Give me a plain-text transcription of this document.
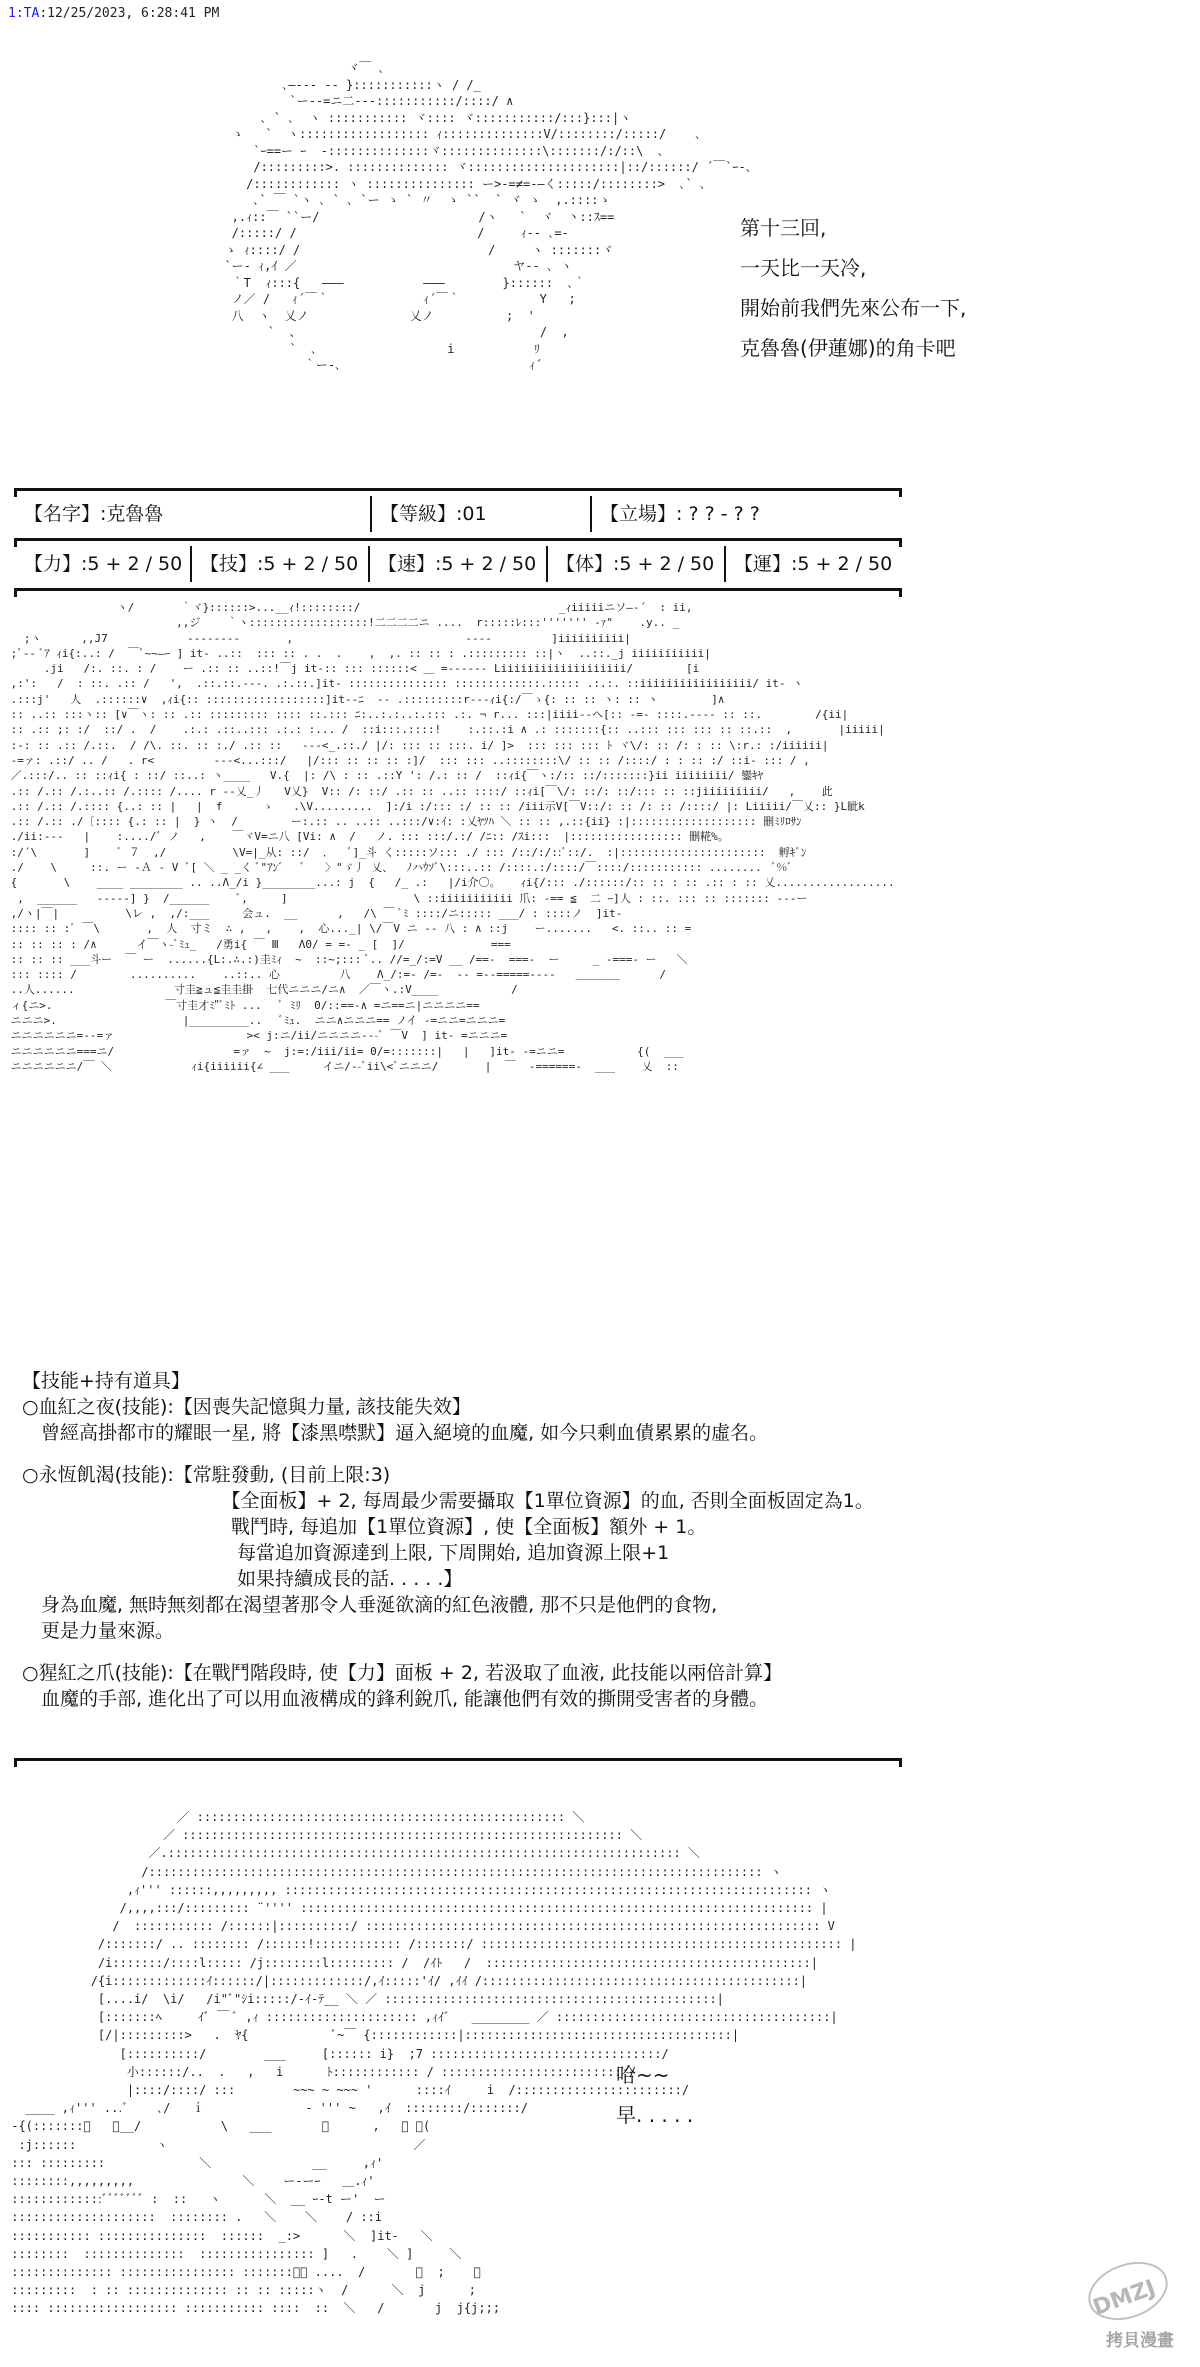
1:TA:12/25/2023, 6:28:41 PM
ヾ￣ ､
､―‐-- -‐ }:::::::::::ヽ / /_
`ー--=ニ二--‐:::::::::::/::::/ ∧
､ ` ､  ヽ ::::::::::: ヾ:::: ヾ:::::::::::/:::}:::|ヽ
ゝ   `  ヽ:::::::::::::::::: ｨ::::::::::::::V/::::::::/:::::/    ､
`ｰ==ー ｰ  -::::::::::::::ヾ::::::::::::::\:::::::/:/::\  ､
/:::::::::>. :::::::::::::: ヾ:::::::::::::::::::::|::/::::::/ ´￣`ｰ-､
/:::::::::::: ヽ ::::::::::::::: ー>-=≠=-―く:::::/::::::::>  ､` ､
､` ￣ `ヽ ､ ` ､ `ー ゝ ` 〃  ゝ ``  ` ヾ ゝ  ,.::::ゝ
,.ｨ::￣ ``ー/                      /ヽ   `  ヾ  丶::ｽ==
/:::::/ /                         /     ｨ-- ､=-
ゝ ｨ::::/ /                          /     ヽ :::::::ヾ
`ー- ｨ,ｲ ／                              ヤ-- ､ ヽ
｀T  ｨ:::{   ―――           ―――        }::::::  ､｀
ノ／ /   ｨ´￣｀             ｨ´￣｀           Y   ;
八  ヽ  乂ノ              乂ノ          ;  '
`  、                                 /  ,
`  ､                  i           ﾘ
｀ー-､                          ｨ´

第十三回,
一天比一天冷,
開始前我們先來公布一下,
克魯魯(伊蓮娜)的角卡吧
【名字】:克魯魯	【等級】:01	【立場】: ? ? - ? ?
【力】:5 + 2 / 50 【技】:5 + 2 / 50	【速】:5 + 2 / 50	【体】:5 + 2 / 50	【運】:5 + 2 / 50
ヽ/       ｀ヾ}::::::>...__ｨ!::::::::/                              _ｨiiiiiニソ―‐´  : ii,
,,ジ    ｀ヽ::::::::::::::::::!二二二二ニ ....  r:::::ﾚ:::''''''' ‐ｧ"    .y.. _
;ヽ      ,,J7            --------       ,                          ----         ]iiiiiiiiii|
;ﾞ‐- ﾞｱ ｨi{:..: /  ￣ﾞ~~―ｰ ] it- ..::  ::: :: . .  .    ,  ,. :: :: : .::::::::: ::|ヽ  ..::._j iiiiiiiiiii|
.ji   /:. ::. : /    ー .:: :: ..::!￣j it-:: ::: ::::::< ＿ =------ Liiiiiiiiiiiiiiiiiii/        [i
,:':   /  : ::. .:: /   ',  .::.::.---. .:.::.]it- ::::::::::::::: :::::::::::::.::::: .:.:. ::iiiiiiiiiiiiiiiii/ it- ヽ
.:::j'   人  .::::::∨  ,ｨi{:: ::::::::::::::::::]it--ﾆ  -- .:::::::::r---ｨi{:/￣ゝ{: :: :: ヽ: :: ヽ        ]∧
:: ..:: :::ヽ:: [∨￣ヽ: :: .:: ::::::::: :::: ::.::: ﾆ:..:.:..:.::: .:. ¬ r... :::|iiii--ヘ[:: -=- ::::.---- :: ::.        /{ii|
:: .:: ;: :/  ::/ .  /    .:.: .::..::: .:.: :... /  ::i:::.::::!    :.::.:i ∧ .: :::::::{:: ..::: ::: ::: :: ::.::  ,       |iiiii|
:-: :: .:: /.::.  / /\. ::. :: :./ .:: ::   ---<_.::./ |/: ::: :: :::. i/ ]>  ::: ::: ::: ﾄ ヾ\/: :: /: : :: \:r.: :/iiiiii|
‐=ァ: .::/ .. /   . r<         ---<...:::/   |/::: :: :: :: :]/  ::: ::: ..::::::::\/ :: :: /::::/ : : :: :/ ::i- ::: / ,
／.:::/.. :: ::ｨi{ : ::/ ::..: ヽ____   V.{  |: /\ : :: .::Y ': /.: :: /  ::ｨi{￣ヽ:/:: ::/:::::::}ii iiiiiiii/ 鑾ｷﾔ
.:: /.:: /.:..:: /.:::: /.... r ‐-乂_丿   V乂}  V:: /: ::/ .:: :: ..:: ::::/ ::ｨi[￣\/: ::/: ::/::: :: ::jiiiiiiiii/   ,    此
.:: /.:: /.:::: {..: :: |   |  f      ゝ   .\V.........  ]:/i :/::: :/ :: :: /iii示V[￣V::/: :: /: :: /::::/ |: Liiiii/￣乂:: }L眦k
.:: /.:: ./〔:::: {.: :: |  } ヽ  /        ー:.:: .. ..:: ..:::/∨:ｲ: :乂ﾔﾂﾊ ＼ :: :: ,.::{ii} :|::::::::::::::::::: 刪ﾐﾘﾛｻﾝ
./ii:---   |    :..../ﾞ ノ   ,    ￣ヾV=ニ八 [Vi: ∧  /   ノ. ::: :::/.:/ /ﾆ:: /ｽi:::  |::::::::::::::::: 刪糀%。
:/´\       ]    ﾞ ７  ,/          \V=|_从: ::/  ．  ﾞ]_斗 く:::::ソ::: ./ ::: /::/:/::ﾞ::/.  :|::::::::::::::::::::::  孵ｷﾞﾝ
./    \     ::. ー -Ａ - V ﾞ[ ＼ _ _く ﾞ"ｱﾝﾞ   ﾞ   〉"ゞ丿 乂、  ﾉハｳｿﾞ\:::..:: /::::.:/::::/￣::::/::::::::::: ........  ﾞ%ﾞ
{       \    ____ ________ .. ..Λ_/i }________...: j  {   /_ .:   |/i介〇。   ｨi{/::: ./::::::/:: :: : :: .:: : :: 乂..................
,  ______   -----] }  /______    ﾞ,     ]                   \ ::iiiiiiiiiii 爪: -== ≦  二 ｰ]人 : ::. ::: :: ::::::: ---ー
,/ヽ|￣|          \レ ,  ,/:___     会ュ.  __      ,   /\ ￣ ﾞﾐ ::::/ニ::::: ___/ : ::::ノ  ]it-
:::: :: :ﾞ ￣\       ,  人  寸ミ  ∴ ,   ,    ,  心..._| \/￣V ニ -- 八 : ∧ ::j    ー.......   <. ::.. :: =
:: :: :: : /∧      イ￣ヽ-ﾞﾐｭ_   /勇i{ ￣ Ⅲ   Λ0/ = =- _ [  ]/             ===
:: :: :: ___斗ー  ￣ ー  ......{L:.∴.:)圭ﾐｨ  ~  ::~;::: ﾞ.. //=_/:=V __ /==-  ===-  ー     _ -===- ー   ＼
::: :::: /        ..........    ..::.. 心         八    Λ_/:=- /=-  -- =--=====----   ＿＿＿＿      /
..人......               寸圭≧ュ≦圭圭掛  七代ニニニ/ニ∧  ／￣ヽ.:V____           /
ィ{ニ>.                 ￣寸圭才ﾐ"ﾞﾐﾄ ...   ﾞ ﾐﾘ  0/::==-∧ =ニ==ニ|ニニニニ==
ニニニ>.                   |_________..   ﾞﾐｭ.  ニニ∧ニニニ== ノイ -=ニニ=ニニニ=
ニニニニニニ=--=ァ                    >< j:ニ/ii/ニニニニ---ﾞ ￣V  ] it- =ニニニ=
ニニニニニニ===ニ/                  =ァ  ~  j:=:/iii/ii= 0/=:::::::|   |   ]it- -=ニニ=           {(  ___
ニニニニニニ/￣ ＼            ｨi{iiiiii{∠ ___     イニ/--ﾞii\<ﾞニニニ/       |  ￣  -======-  ___    乂  ::

【技能+持有道具】
○血紅之夜(技能):【因喪失記憶與力量, 該技能失效】
　曾經高掛都市的耀眼一星, 將【漆黑噤默】逼入絕境的血魔, 如今只剩血債累累的虛名。
○永恆飢渴(技能):【常駐發動, (目前上限:3)
　　　　　　　　　　　【全面板】+ 2, 每周最少需要攝取【1單位資源】的血, 否則全面板固定為1。
　　　　　　　　　　　戰鬥時, 每追加【1單位資源】, 使【全面板】額外 + 1。
　　　　　　　　　　　 每當追加資源達到上限, 下周開始, 追加資源上限+1
　　　　　　　　　　　 如果持續成長的話. . . . .】
　身為血魔, 無時無刻都在渴望著那令人垂涎欲滴的紅色液體, 那不只是他們的食物,
　更是力量來源。
○猩紅之爪(技能):【在戰鬥階段時, 使【力】面板 + 2, 若汲取了血液, 此技能以兩倍計算】
　血魔的手部, 進化出了可以用血液構成的鋒利銳爪, 能讓他們有效的撕開受害者的身體。
／ ::::::::::::::::::::::::::::::::::::::::::::::::::: ＼
／ ::::::::::::::::::::::::::::::::::::::::::::::::::::::::::::: ＼
／.::::::::::::::::::::::::::::::::::::::::::::::::::::::::::::::::::::::: ＼
/::::::::::::::::::::::::::::::::::::::::::::::::::::::::::::::::::::::::::::::::::::: ヽ
,ｨ''' ::::::,,,,,,,,, ::::::::::::::::::::::::::::::::::::::::::::::::::::::::::::::::::::::::: ヽ
/,,,,:::/::::::::: ¨'''' ::::::::::::::::::::::::::::::::::::::::::::::::::::::::::::::::::::::: |
/  ::::::::::: /::::::|::::::::::/ ::::::::::::::::::::::::::::::::::::::::::::::::::::::::::::::: V
/:::::::/ .. :::::::: /::::::!:::::::::::: /:::::::/ :::::::::::::::::::::::::::::::::::::::::::::::::: |
/i:::::::/::::l::::: /j::::::::l::::::::: /  /ｲﾄ   /  :::::::::::::::::::::::::::::::::::::::::::::|
/{i:::::::::::::ｲ::::::/|:::::::::::::/,ｲ:::::'ｲ/ ,ｲｲ /::::::::::::::::::::::::::::::::::::::::::::|
[....i/  \i/   /i"ﾞ"ｼi:::::/-ｲ-ﾃ__ ＼ ／ ::::::::::::::::::::::::::::::::::::::::::::::|
[:::::::ﾍ     ｲﾞ ￣ ﾞ ,ｨ ::::::::::::::::::::: ,ｨｲﾞ   ________ ／ ::::::::::::::::::::::::::::::::::::::|
[/|:::::::::>   .  ﾔ{            ﾞ~￣ {::::::::::::|:::::::::::::::::::::::::::::::::::::|
[::::::::::/        ___     [:::::: i}  ;7 ::::::::::::::::::::::::::::::::/
小::::::/..  .   ,   i      ﾄ:::::::::::: / ::::::::::::::::::::::::::/
|::::/::::/ :::        ~~~ ~ ~~~ '      ::::ｲ     i  /:::::::::::::::::::::::/
____ ,ｨ''' ...ﾞ    ､/   ｉ              ‐ ''' ~   ,ｲ  ::::::::/:::::::/
-{(:::::::ﾞ   、__/           \   ___       ー      ,   ／ ﾞ(
:j::::::           ヽ                                  ／
::: :::::::::             ＼              __     ,ｨ'
::::::::,,,,,,,,,               ＼    ー-ーｰ   ＿.ｨ'
:::::::::::::ﾞﾞﾞﾞﾞﾞﾞ :  ::   ヽ      ＼  __ ｰ-t ー'  ー
::::::::::::::::::::  :::::::: .   ＼    ＼    / ::i
::::::::::: :::::::::::::::  ::::::  _:>      ＼  ]it-   ＼
::::::::  ::::::::::::::  :::::::::::::::: ]   .    ＼ ]     ＼
:::::::::::::: :::::::::::::::: :::::::ﾞﾞ ....  /       ＼  ;    ＼
:::::::::  : :: :::::::::::::: :: :: :::::ヽ  /      ＼  j      ;
:::: :::::::::::::::::: ::::::::::: ::::  ::  ＼   /       j  j{j;;;

哈~~
早. . . . .
DMZJ
拷貝漫畫
